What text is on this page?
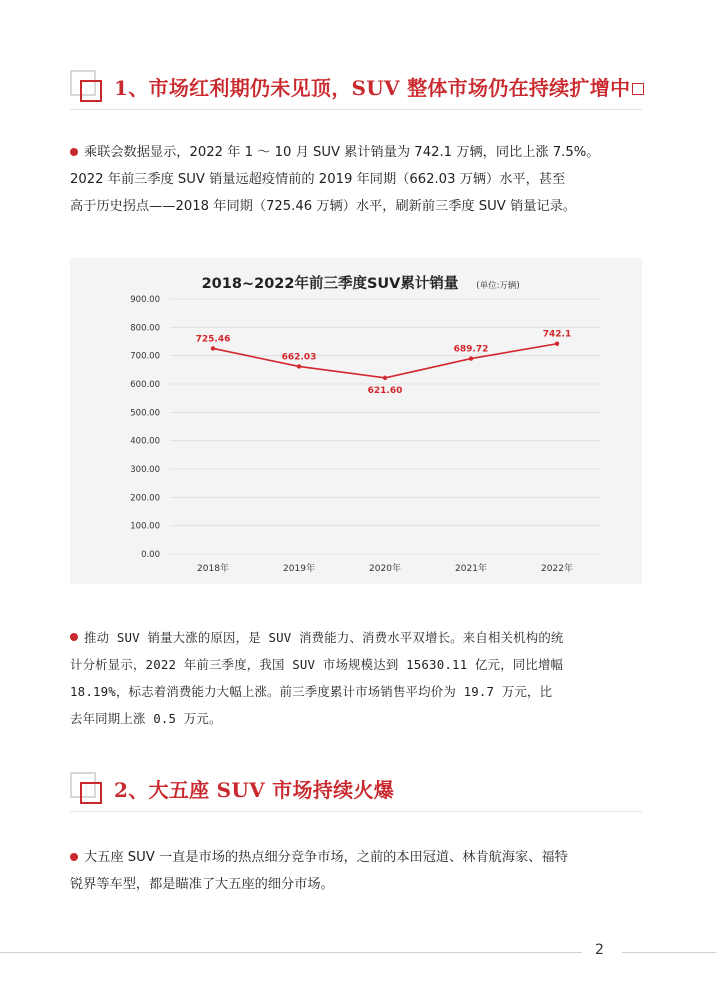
1、市场红利期仍未见顶，SUV 整体市场仍在持续扩增中
乘联会数据显示，2022 年 1 ～ 10 月 SUV 累计销量为 742.1 万辆，同比上涨 7.5%。
2022 年前三季度 SUV 销量远超疫情前的 2019 年同期（662.03 万辆）水平，甚至
高于历史拐点——2018 年同期（725.46 万辆）水平，刷新前三季度 SUV 销量记录。
2018~2022年前三季度SUV累计销量 (单位:万辆)
0.00
100.00
200.00
300.00
400.00
500.00
600.00
700.00
800.00
900.00
2018年	2019年	2020年	2021年	2022年
725.46
662.03
621.60
689.72
742.1
推动 SUV 销量大涨的原因，是 SUV 消费能力、消费水平双增长。来自相关机构的统
计分析显示，2022 年前三季度，我国 SUV 市场规模达到 15630.11 亿元，同比增幅
18.19%，标志着消费能力大幅上涨。前三季度累计市场销售平均价为 19.7 万元，比
去年同期上涨 0.5 万元。
2、大五座 SUV 市场持续火爆
大五座 SUV 一直是市场的热点细分竞争市场，之前的本田冠道、林肯航海家、福特
锐界等车型，都是瞄准了大五座的细分市场。
2
